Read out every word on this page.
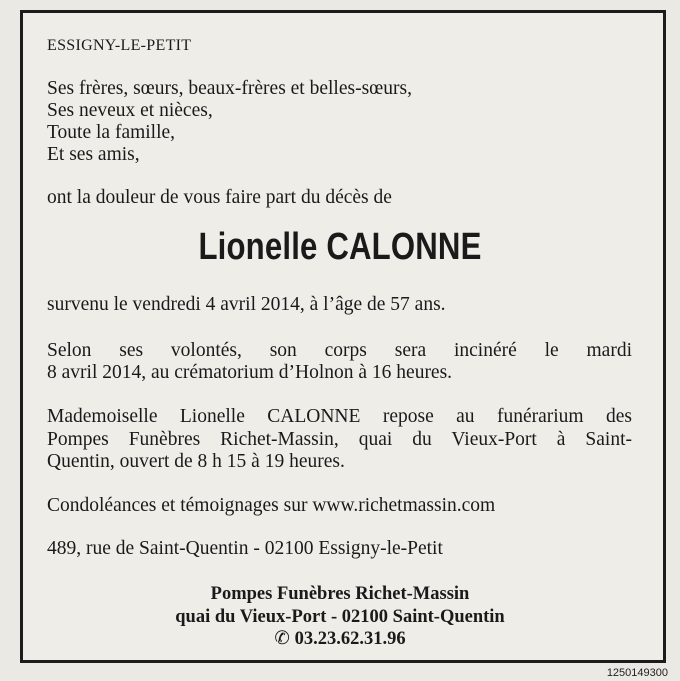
ESSIGNY-LE-PETIT

Ses frères, sœurs, beaux-frères et belles-sœurs,

Ses neveux et nièces,

Toute la famille,

Et ses amis,

ont la douleur de vous faire part du décès de

Lionelle CALONNE

survenu le vendredi 4 avril 2014, à l’âge de 57 ans.

Selon ses volontés, son corps sera incinéré le mardi

8 avril 2014, au crématorium d’Holnon à 16 heures.

Mademoiselle Lionelle CALONNE repose au funérarium des

Pompes Funèbres Richet-Massin, quai du Vieux-Port à Saint-

Quentin, ouvert de 8 h 15 à 19 heures.

Condoléances et témoignages sur www.richetmassin.com

489, rue de Saint-Quentin - 02100 Essigny-le-Petit

Pompes Funèbres Richet-Massin

quai du Vieux-Port - 02100 Saint-Quentin

✆ 03.23.62.31.96

1250149300
